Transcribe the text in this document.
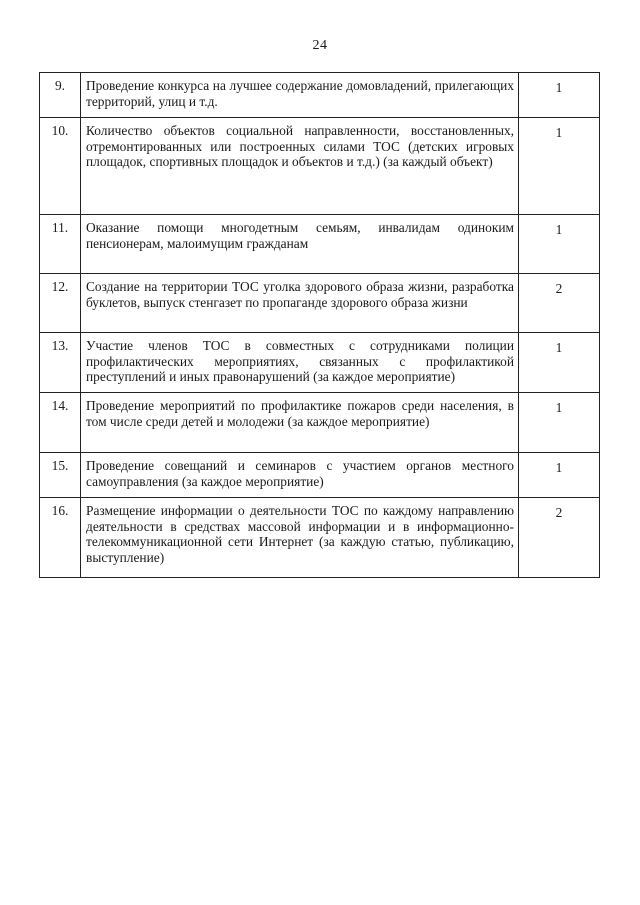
24
9.	Проведение конкурса на лучшее содержание домовладений, прилегающих территорий, улиц и т.д.	1
10.	Количество объектов социальной направленности, восстановленных, отремонтированных или построенных силами ТОС (детских игровых площадок, спортивных площадок и объектов и т.д.) (за каждый объект)	1
11.	Оказание помощи многодетным семьям, инвалидам одиноким пенсионерам, малоимущим гражданам	1
12.	Создание на территории ТОС уголка здорового образа жизни, разработка буклетов, выпуск стенгазет по пропаганде здорового образа жизни	2
13.	Участие членов ТОС в совместных с сотрудниками полиции профилактических мероприятиях, связанных с профилактикой преступлений и иных правонарушений (за каждое мероприятие)	1
14.	Проведение мероприятий по профилактике пожаров среди населения, в том числе среди детей и молодежи (за каждое мероприятие)	1
15.	Проведение совещаний и семинаров с участием органов местного самоуправления (за каждое мероприятие)	1
16.	Размещение информации о деятельности ТОС по каждому направлению деятельности в средствах массовой информации и в информационно-телекоммуникационной сети Интернет (за каждую статью, публикацию, выступление)	2
